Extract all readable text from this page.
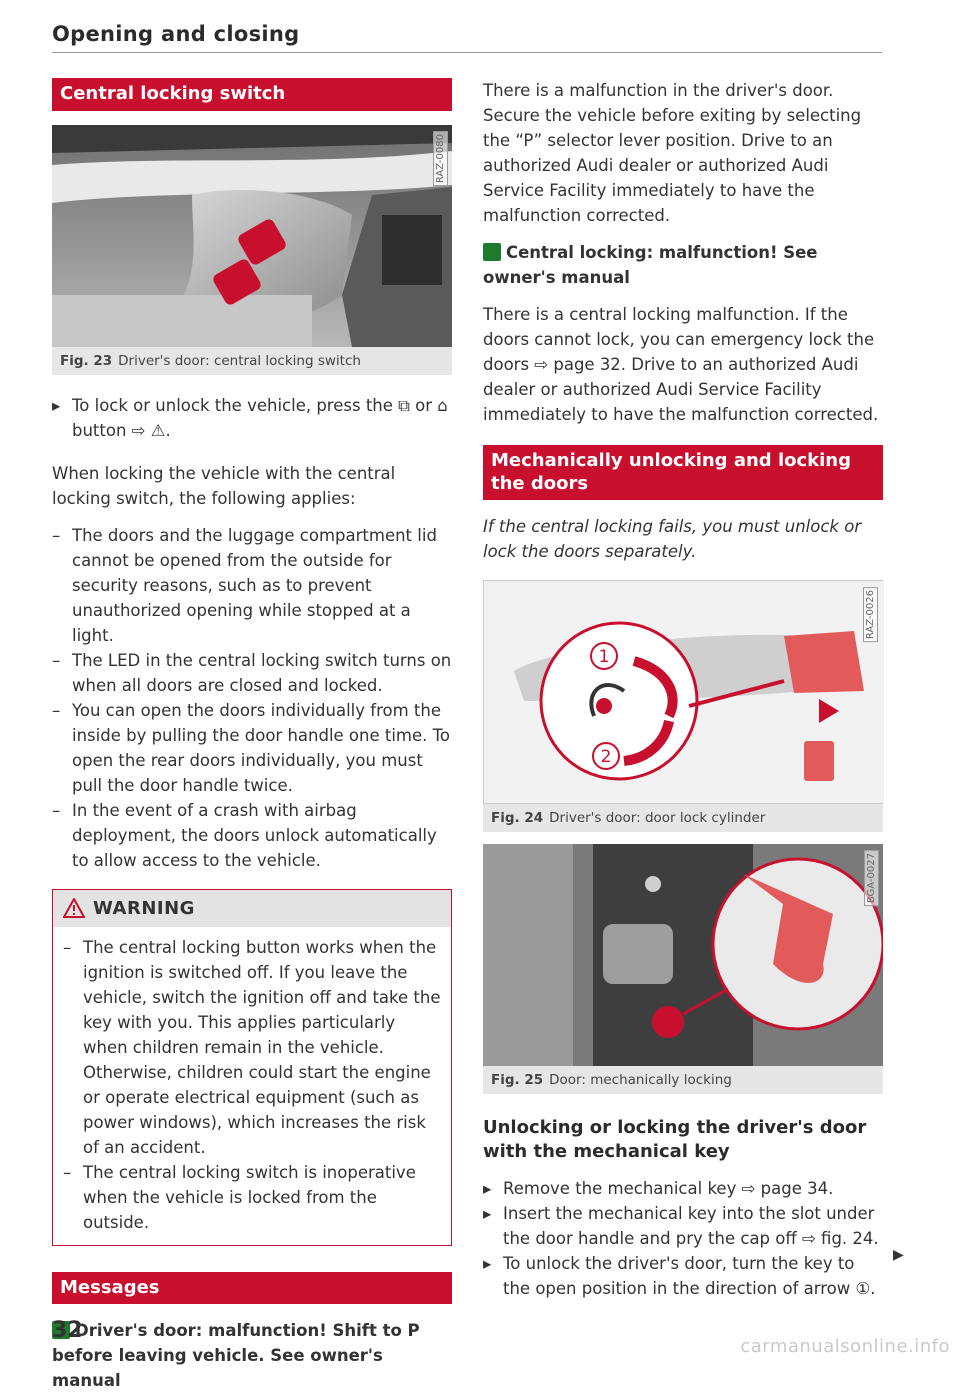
Opening and closing
Central locking switch
RAZ-0080
Fig. 23 Driver's door: central locking switch
▸ To lock or unlock the vehicle, press the ⧉ or ⌂ button ⇨ ⚠.

When locking the vehicle with the central locking switch, the following applies:

– The doors and the luggage compartment lid cannot be opened from the outside for security reasons, such as to prevent unauthorized opening while stopped at a light.
– The LED in the central locking switch turns on when all doors are closed and locked.
– You can open the doors individually from the inside by pulling the door handle one time. To open the rear doors individually, you must pull the door handle twice.
– In the event of a crash with airbag deployment, the doors unlock automatically to allow access to the vehicle.
WARNING
– The central locking button works when the ignition is switched off. If you leave the vehicle, switch the ignition off and take the key with you. This applies particularly when children remain in the vehicle. Otherwise, children could start the engine or operate electrical equipment (such as power windows), which increases the risk of an accident.
– The central locking switch is inoperative when the vehicle is locked from the outside.
Messages
Driver's door: malfunction! Shift to P before leaving vehicle. See owner's manual

There is a malfunction in the driver's door. Secure the vehicle before exiting by selecting the “P” selector lever position. Drive to an authorized Audi dealer or authorized Audi Service Facility immediately to have the malfunction corrected.

Central locking: malfunction! See owner's manual

There is a central locking malfunction. If the doors cannot lock, you can emergency lock the doors ⇨ page 32. Drive to an authorized Audi dealer or authorized Audi Service Facility immediately to have the malfunction corrected.

Mechanically unlocking and locking the doors

If the central locking fails, you must unlock or lock the doors separately.

1
2
RAZ-0026
Fig. 24 Driver's door: door lock cylinder
BGA-0027
Fig. 25 Door: mechanically locking
Unlocking or locking the driver's door with the mechanical key
▸ Remove the mechanical key ⇨ page 34.
▸ Insert the mechanical key into the slot under the door handle and pry the cap off ⇨ fig. 24.
▸ To unlock the driver's door, turn the key to the open position in the direction of arrow ①.
▶
32
carmanualsonline.info
